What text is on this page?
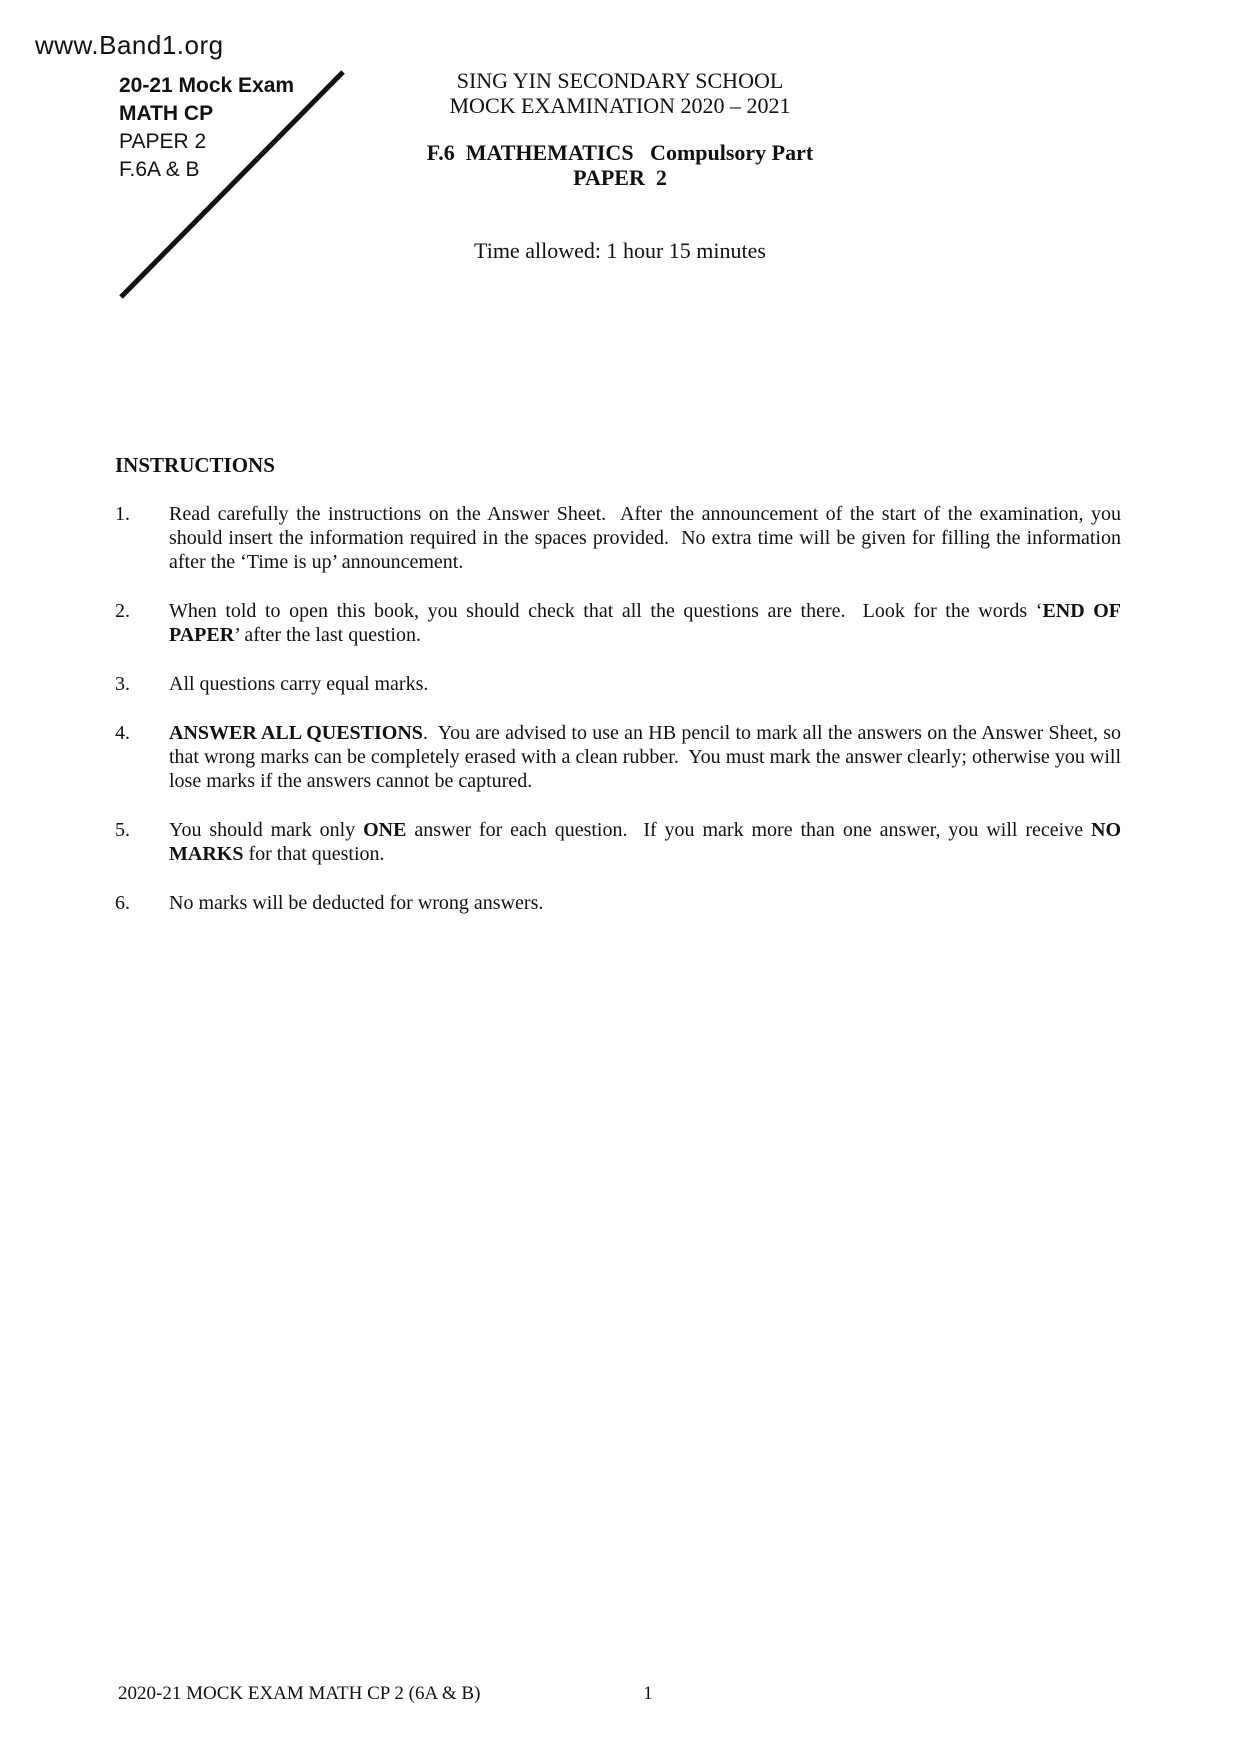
www.Band1.org
20-21 Mock Exam
MATH CP
PAPER 2
F.6A & B
SING YIN SECONDARY SCHOOL
MOCK EXAMINATION 2020 – 2021
F.6  MATHEMATICS   Compulsory Part
PAPER  2
Time allowed: 1 hour 15 minutes
INSTRUCTIONS
1.	Read carefully the instructions on the Answer Sheet.  After the announcement of the start of the examination, you should insert the information required in the spaces provided.  No extra time will be given for filling the information after the ‘Time is up’ announcement.
2.	When told to open this book, you should check that all the questions are there.  Look for the words ‘END OF PAPER’ after the last question.
3.	All questions carry equal marks.
4.	ANSWER ALL QUESTIONS.  You are advised to use an HB pencil to mark all the answers on the Answer Sheet, so that wrong marks can be completely erased with a clean rubber.  You must mark the answer clearly; otherwise you will lose marks if the answers cannot be captured.
5.	You should mark only ONE answer for each question.  If you mark more than one answer, you will receive NO MARKS for that question.
6.	No marks will be deducted for wrong answers.
2020-21 MOCK EXAM MATH CP 2 (6A & B)	1
